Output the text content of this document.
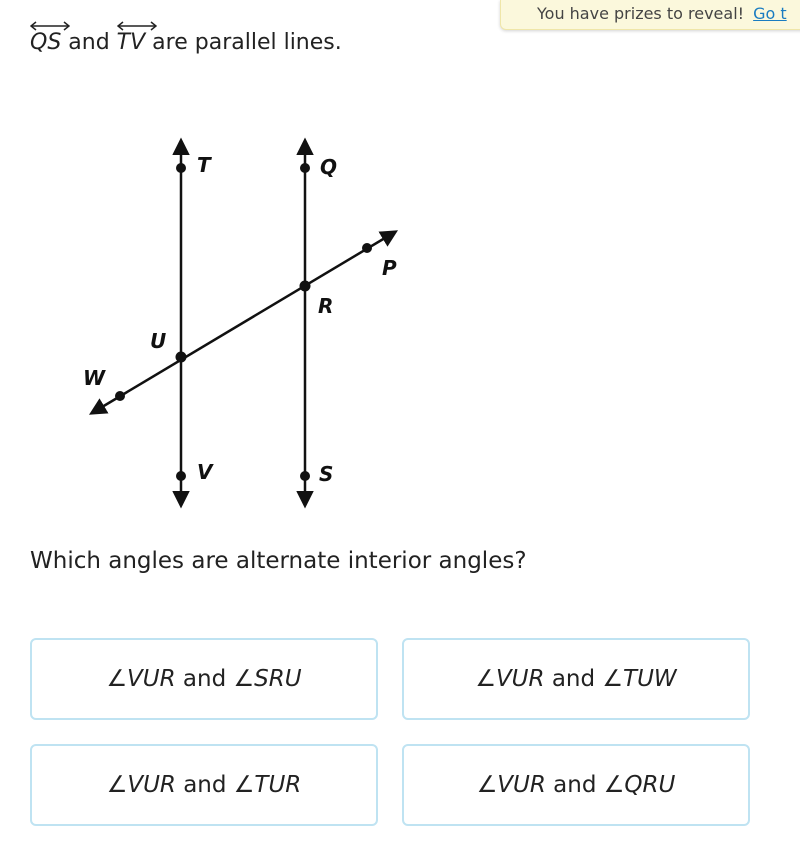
You have prizes to reveal! Go t
QS and TV are parallel lines.
T	Q
P
R
U
W
V	S
Which angles are alternate interior angles?
∠VUR
and
∠SRU	∠VUR
and
∠TUW
∠VUR
and
∠TUR	∠VUR
and
∠QRU
